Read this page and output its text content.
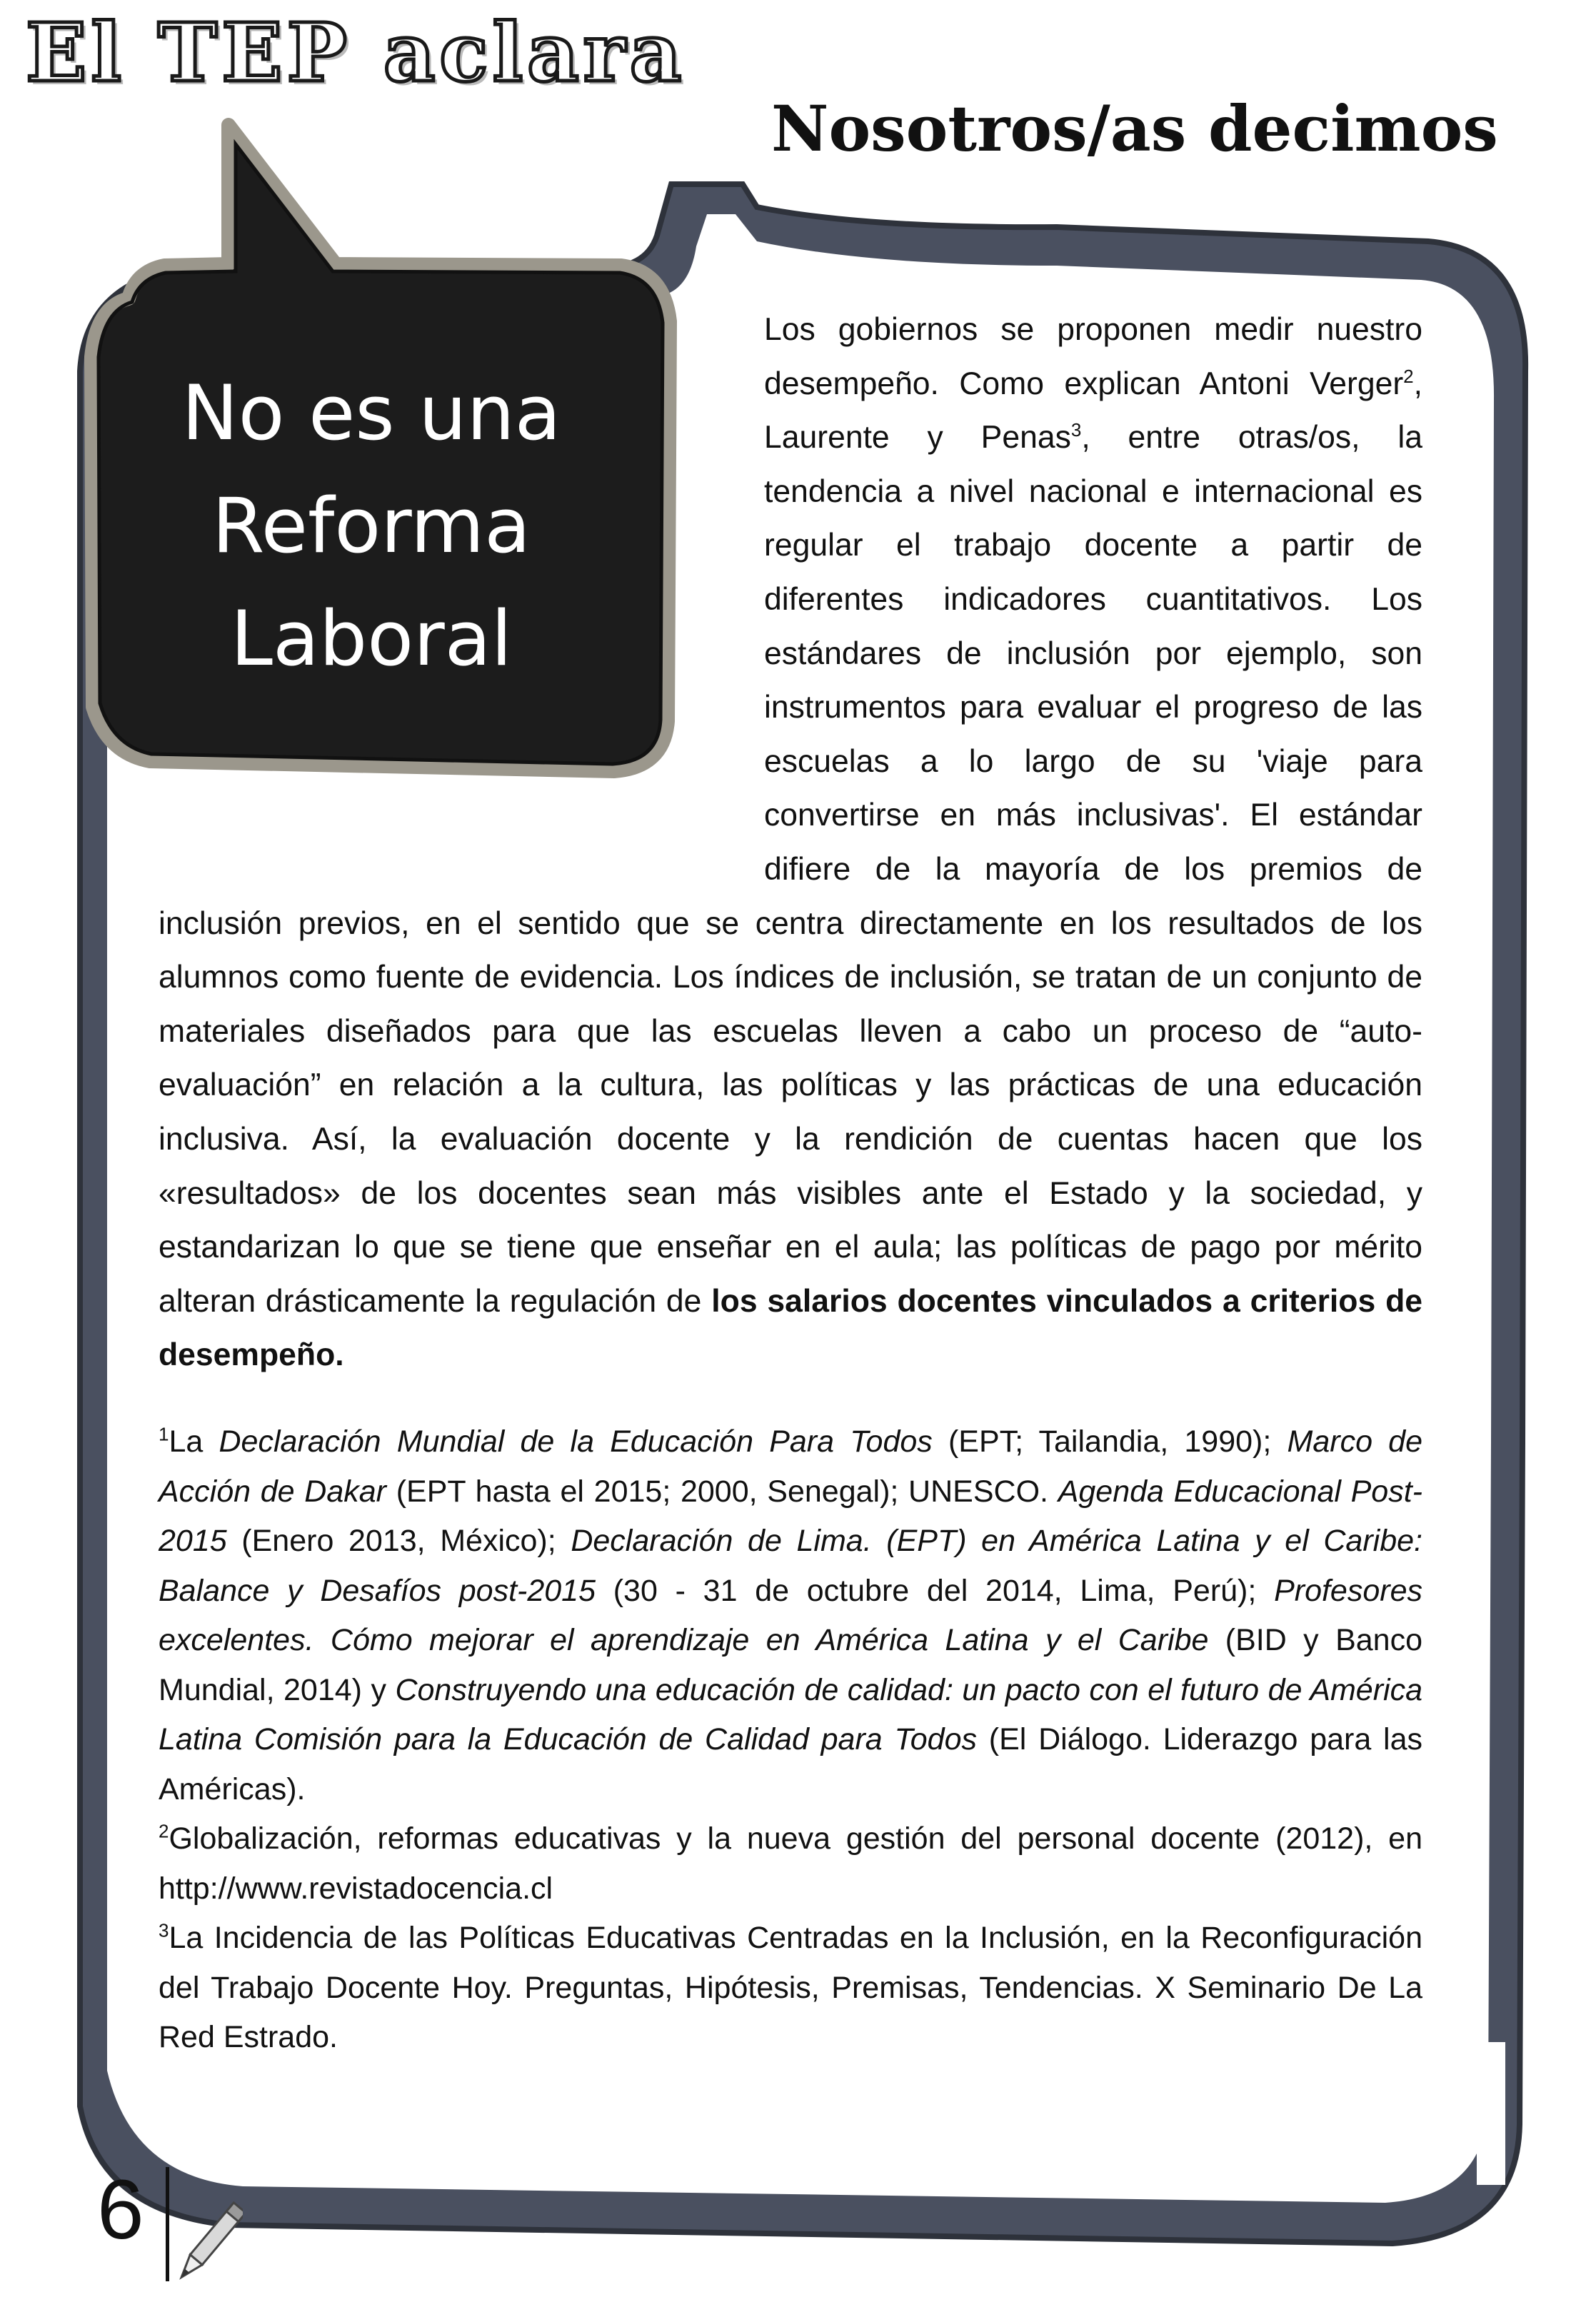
El TEP aclara
Nosotros/as decimos
No es una
Reforma
Laboral
Los gobiernos se proponen medir nuestro desempeño. Como explican Antoni Verger$^2$, Laurente y Penas$^3$, entre otras/os, la tendencia a nivel nacional e internacional es regular el trabajo docente a partir de diferentes indicadores cuantitativos. Los estándares de inclusión por ejemplo, son instrumentos para evaluar el progreso de las escuelas a lo largo de su 'viaje para convertirse en más inclusivas'. El estándar difiere de la mayoría de los premios de inclusión previos, en el sentido que se centra directamente en los resultados de los alumnos como fuente de evidencia. Los índices de inclusión, se tratan de un conjunto de materiales diseñados para que las escuelas lleven a cabo un proceso de “auto-evaluación” en relación a la cultura, las políticas y las prácticas de una educación inclusiva. Así, la evaluación docente y la rendición de cuentas hacen que los «resultados» de los docentes sean más visibles ante el Estado y la sociedad, y estandarizan lo que se tiene que enseñar en el aula; las políticas de pago por mérito alteran drásticamente la regulación de los salarios docentes vinculados a criterios de desempeño.

$^1$La Declaración Mundial de la Educación Para Todos (EPT; Tailandia, 1990); Marco de Acción de Dakar (EPT hasta el 2015; 2000, Senegal); UNESCO. Agenda Educacional Post-2015 (Enero 2013, México); Declaración de Lima. (EPT) en América Latina y el Caribe: Balance y Desafíos post-2015 (30 - 31 de octubre del 2014, Lima, Perú); Profesores excelentes. Cómo mejorar el aprendizaje en América Latina y el Caribe (BID y Banco Mundial, 2014) y Construyendo una educación de calidad: un pacto con el futuro de América Latina Comisión para la Educación de Calidad para Todos (El Diálogo. Liderazgo para las Américas).

$^2$Globalización, reformas educativas y la nueva gestión del personal docente (2012), en http://www.revistadocencia.cl

$^3$La Incidencia de las Políticas Educativas Centradas en la Inclusión, en la Reconfiguración del Trabajo Docente Hoy. Preguntas, Hipótesis, Premisas, Tendencias. X Seminario De La Red Estrado.

6
